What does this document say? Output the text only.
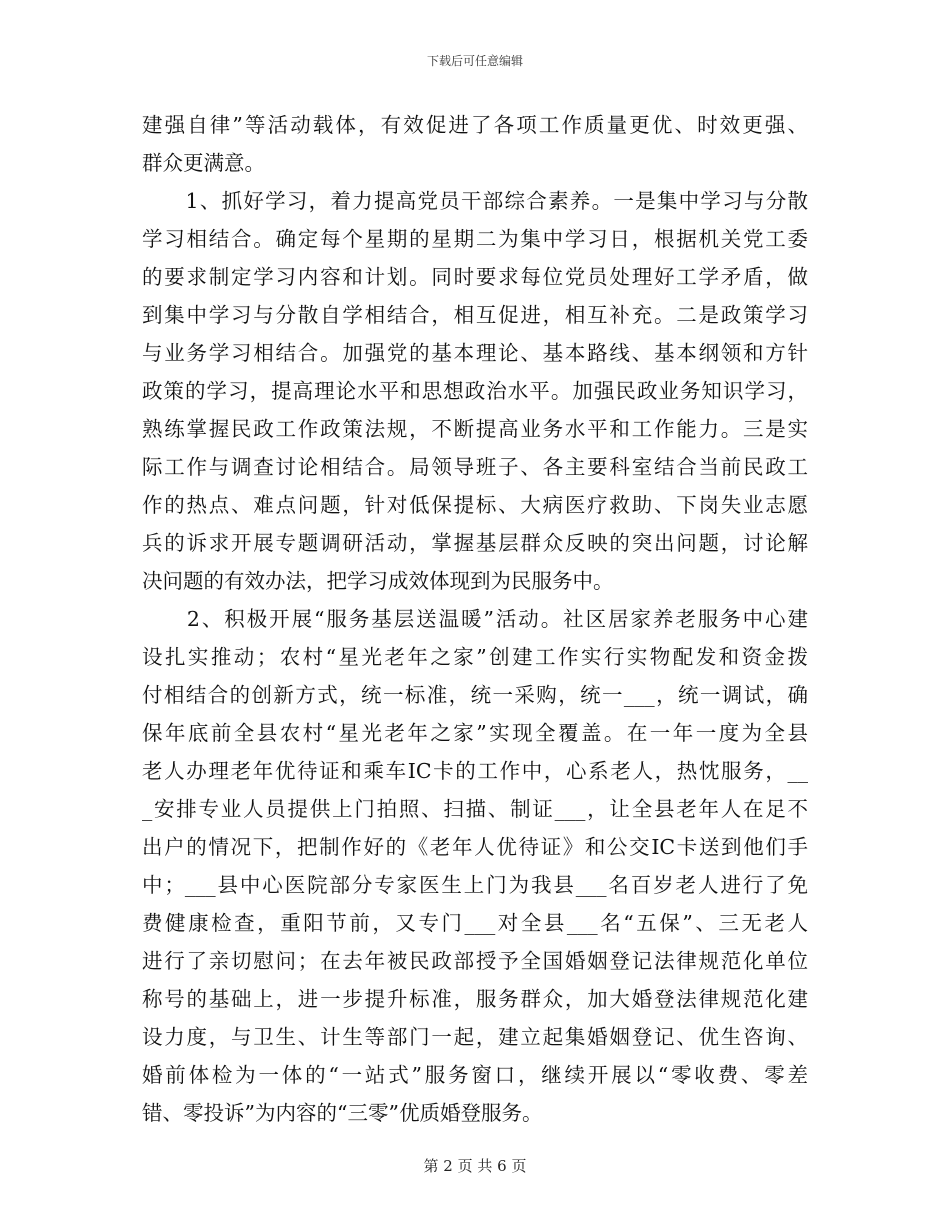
下载后可任意编辑
建强自律”等活动载体，有效促进了各项工作质量更优、时效更强、
群众更满意。
　　1、抓好学习，着力提高党员干部综合素养。一是集中学习与分散
学习相结合。确定每个星期的星期二为集中学习日，根据机关党工委
的要求制定学习内容和计划。同时要求每位党员处理好工学矛盾，做
到集中学习与分散自学相结合，相互促进，相互补充。二是政策学习
与业务学习相结合。加强党的基本理论、基本路线、基本纲领和方针
政策的学习，提高理论水平和思想政治水平。加强民政业务知识学习，
熟练掌握民政工作政策法规，不断提高业务水平和工作能力。三是实
际工作与调查讨论相结合。局领导班子、各主要科室结合当前民政工
作的热点、难点问题，针对低保提标、大病医疗救助、下岗失业志愿
兵的诉求开展专题调研活动，掌握基层群众反映的突出问题，讨论解
决问题的有效办法，把学习成效体现到为民服务中。
　　2、积极开展“服务基层送温暖”活动。社区居家养老服务中心建
设扎实推动；农村“星光老年之家”创建工作实行实物配发和资金拨
付相结合的创新方式，统一标准，统一采购，统一___，统一调试，确
保年底前全县农村“星光老年之家”实现全覆盖。在一年一度为全县
老人办理老年优待证和乘车IC卡的工作中，心系老人，热忱服务，__
_安排专业人员提供上门拍照、扫描、制证___，让全县老年人在足不
出户的情况下，把制作好的《老年人优待证》和公交IC卡送到他们手
中；___县中心医院部分专家医生上门为我县___名百岁老人进行了免
费健康检查，重阳节前，又专门___对全县___名“五保”、三无老人
进行了亲切慰问；在去年被民政部授予全国婚姻登记法律规范化单位
称号的基础上，进一步提升标准，服务群众，加大婚登法律规范化建
设力度，与卫生、计生等部门一起，建立起集婚姻登记、优生咨询、
婚前体检为一体的“一站式”服务窗口，继续开展以“零收费、零差
错、零投诉”为内容的“三零”优质婚登服务。
第 2 页 共 6 页
